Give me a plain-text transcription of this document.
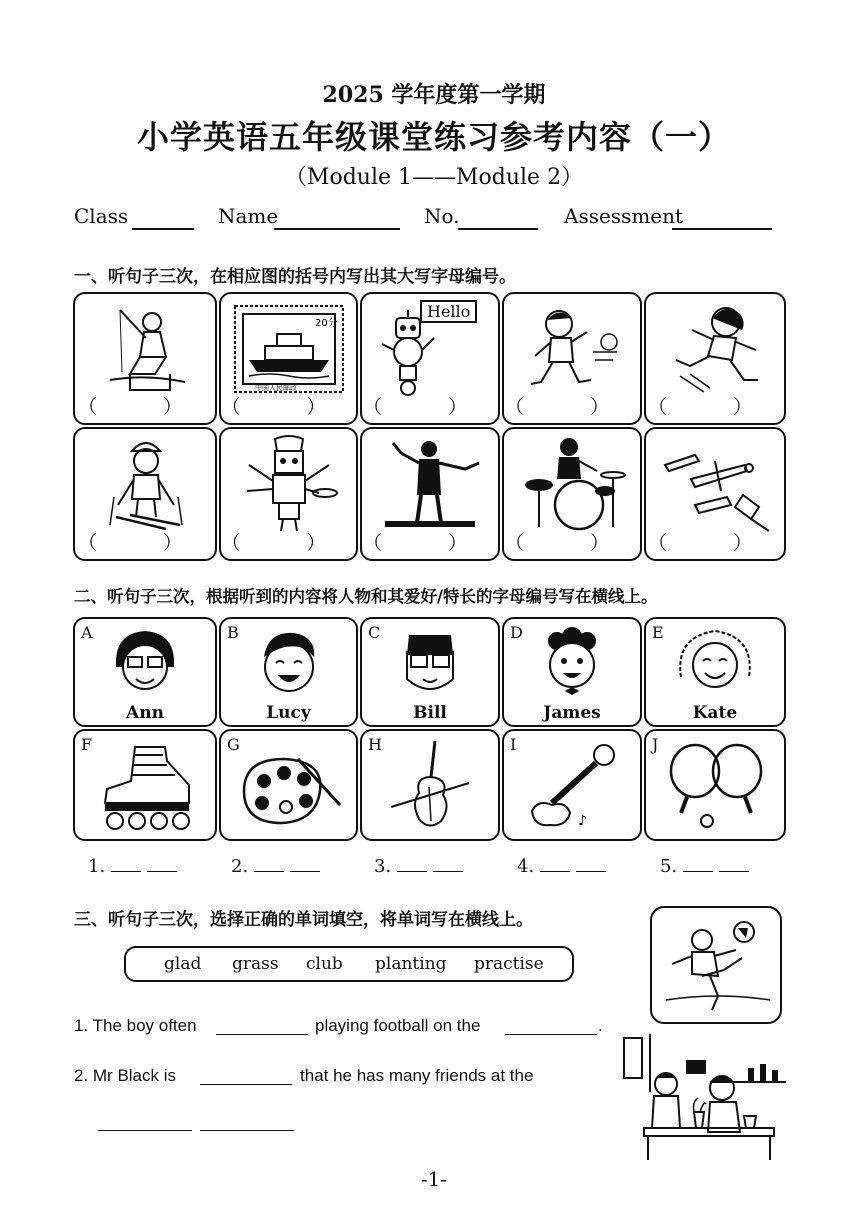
2025 学年度第一学期
小学英语五年级课堂练习参考内容（一）
（Module 1——Module 2）
Class	Name	No.	Assessment
一、听句子三次，在相应图的括号内写出其大写字母编号。
（ ）
20分
中国人民邮政
（ ）
Hello
（ ） （ ） （ ）
（ ） （ ） （ ） （ ） （ ）
二、听句子三次，根据听到的内容将人物和其爱好/特长的字母编号写在横线上。
A
Ann
B
Lucy
C
Bill
D
James
E
Kate
F	G	H	I
♪
J
1.	2.	3.	4.	5.
三、听句子三次，选择正确的单词填空，将单词写在横线上。
glad grass club planting practise
1. The boy often	playing football on the	.
2. Mr Black is	that he has many friends at the
-1-
